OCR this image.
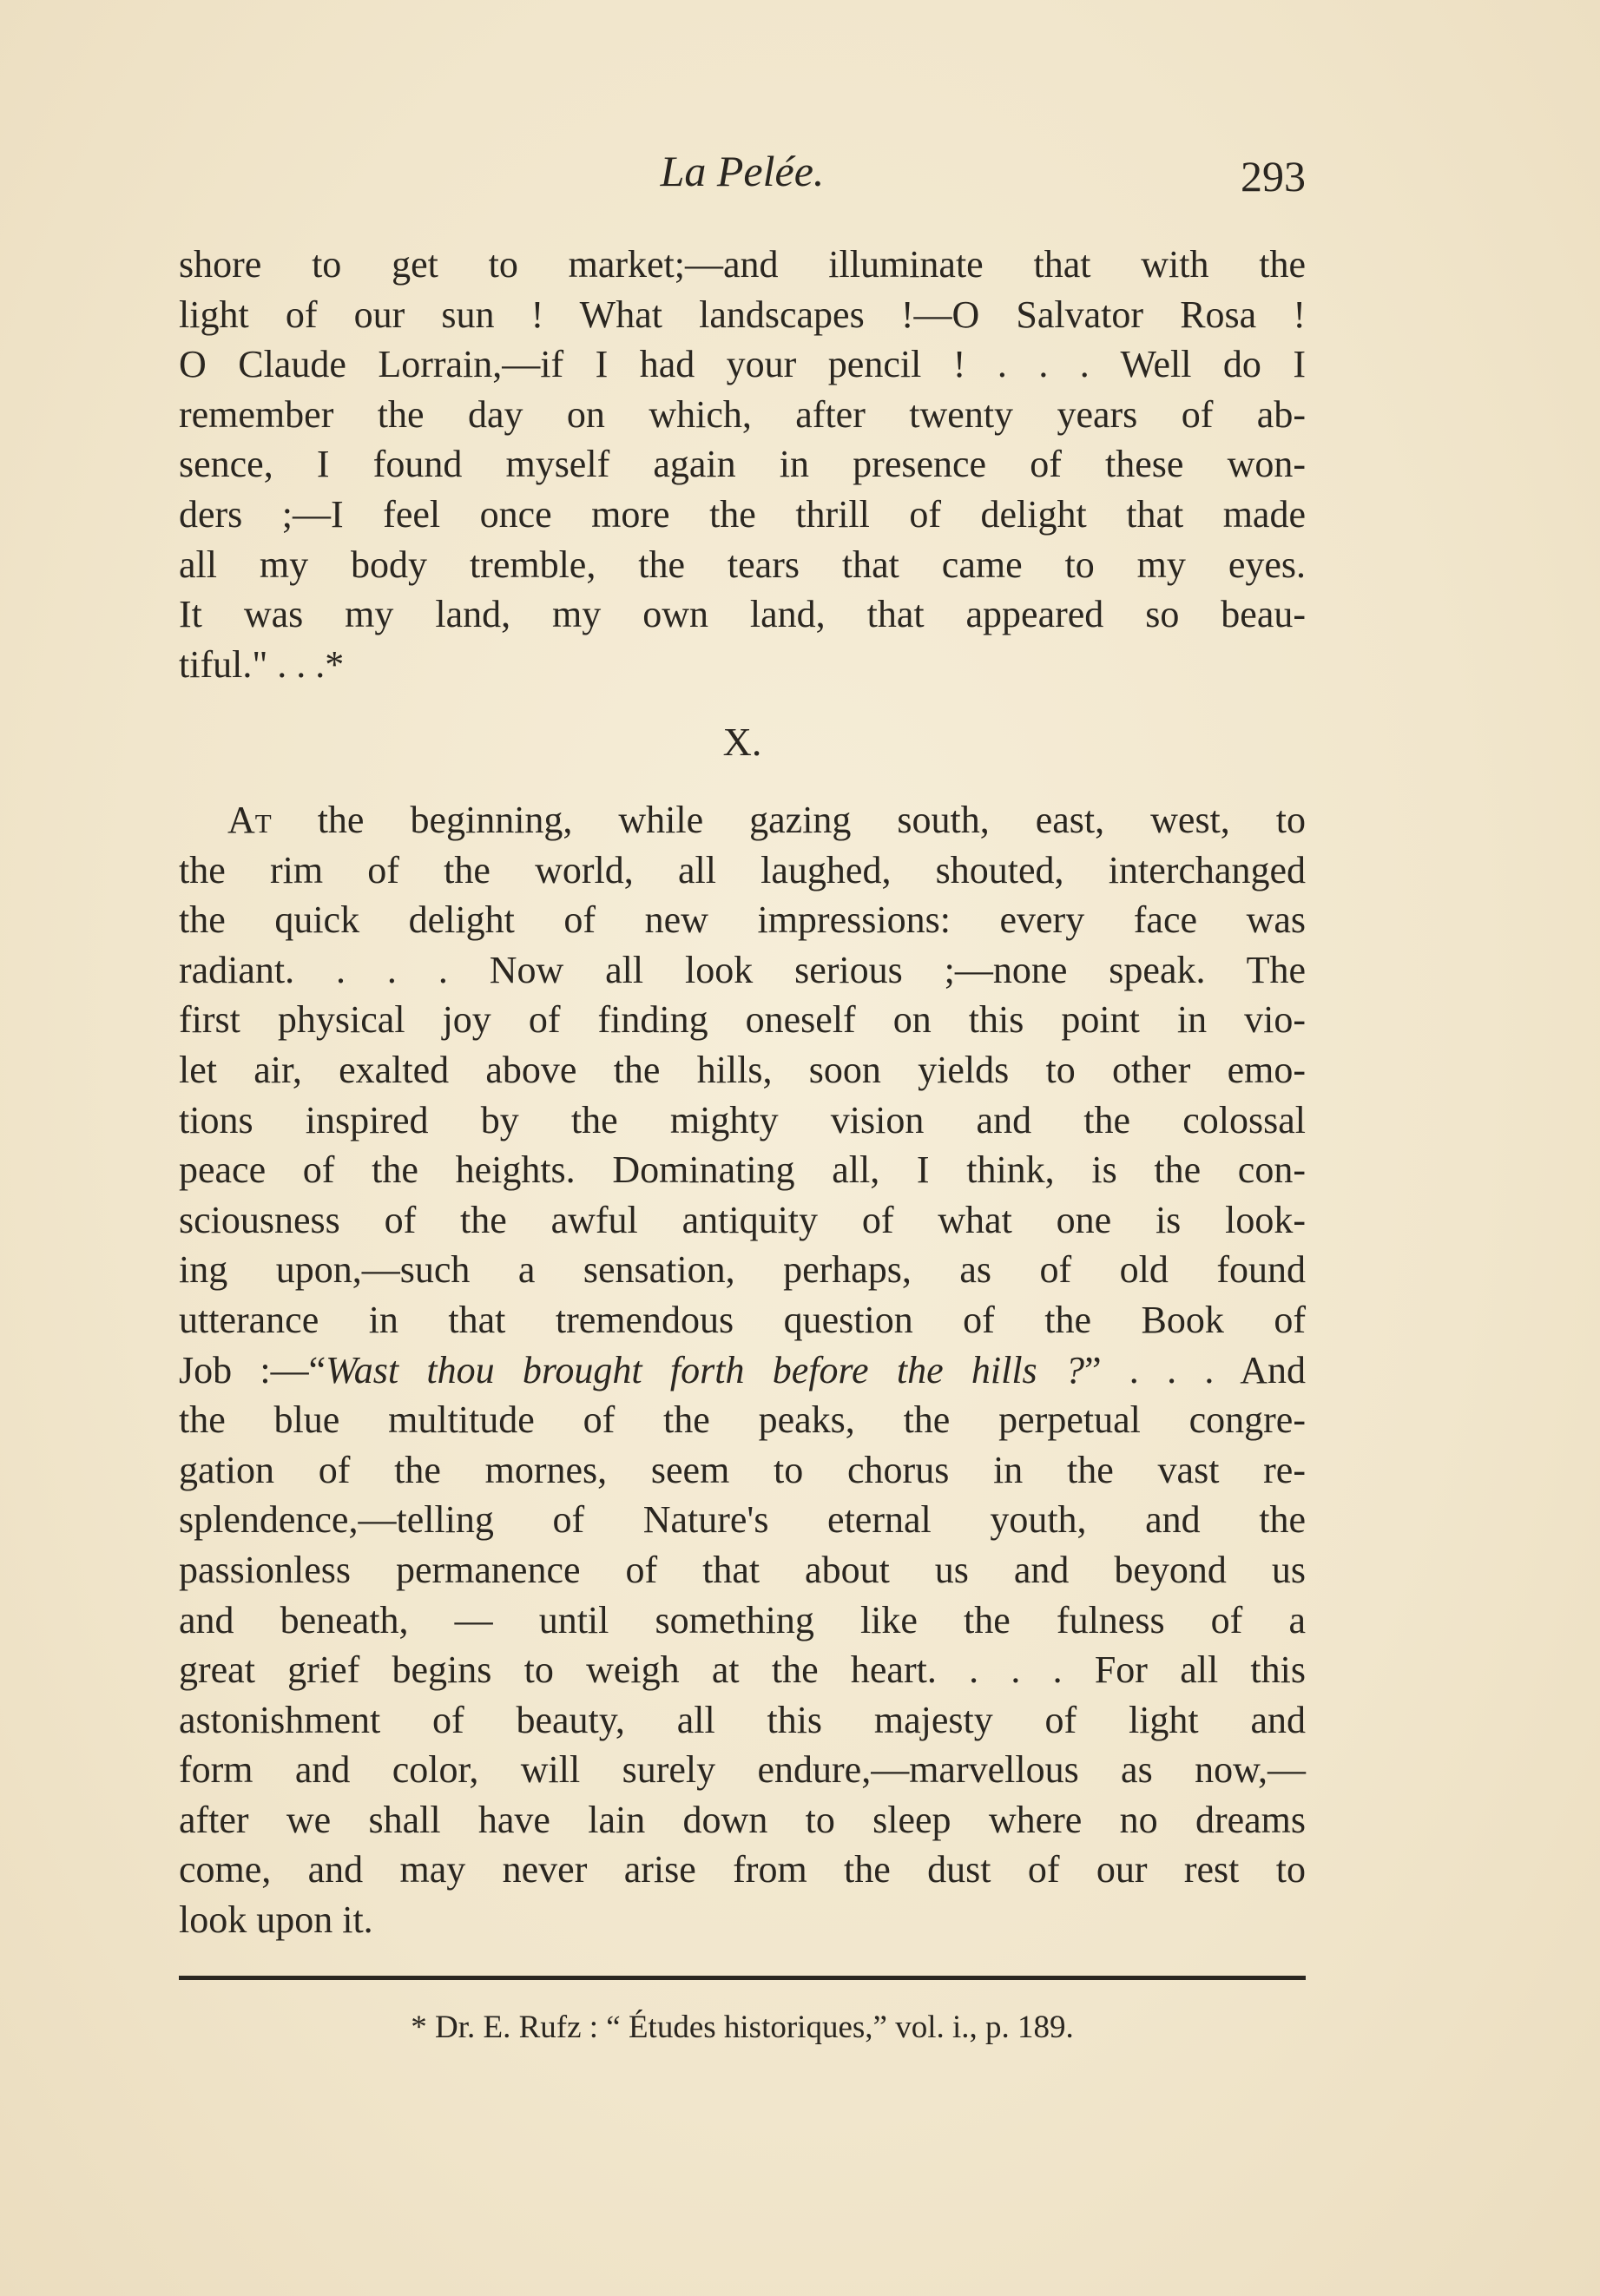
La Pelée.	293
shore to get to market;—and illuminate that with the
light of our sun ! What landscapes !—O Salvator Rosa !
O Claude Lorrain,—if I had your pencil ! . . . Well do I
remember the day on which, after twenty years of ab-
sence, I found myself again in presence of these won-
ders ;—I feel once more the thrill of delight that made
all my body tremble, the tears that came to my eyes.
It was my land, my own land, that appeared so beau-
tiful." . . .*
X.
At the beginning, while gazing south, east, west, to
the rim of the world, all laughed, shouted, interchanged
the quick delight of new impressions: every face was
radiant. . . . Now all look serious ;—none speak. The
first physical joy of finding oneself on this point in vio-
let air, exalted above the hills, soon yields to other emo-
tions inspired by the mighty vision and the colossal
peace of the heights. Dominating all, I think, is the con-
sciousness of the awful antiquity of what one is look-
ing upon,—such a sensation, perhaps, as of old found
utterance in that tremendous question of the Book of
Job :—“Wast thou brought forth before the hills ?” . . . And
the blue multitude of the peaks, the perpetual congre-
gation of the mornes, seem to chorus in the vast re-
splendence,—telling of Nature's eternal youth, and the
passionless permanence of that about us and beyond us
and beneath, — until something like the fulness of a
great grief begins to weigh at the heart. . . . For all this
astonishment of beauty, all this majesty of light and
form and color, will surely endure,—marvellous as now,—
after we shall have lain down to sleep where no dreams
come, and may never arise from the dust of our rest to
look upon it.
* Dr. E. Rufz : “ Études historiques,” vol. i., p. 189.
